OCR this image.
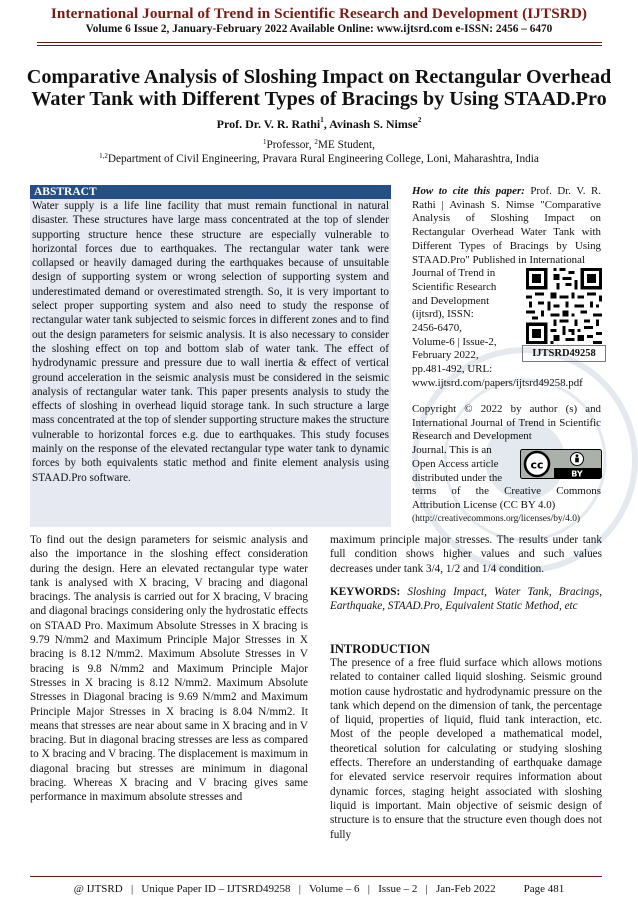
International Journal of Trend in Scientific Research and Development (IJTSRD)
Volume 6 Issue 2, January-February 2022 Available Online: www.ijtsrd.com e-ISSN: 2456 – 6470
Comparative Analysis of Sloshing Impact on Rectangular Overhead Water Tank with Different Types of Bracings by Using STAAD.Pro
Prof. Dr. V. R. Rathi$^1$, Avinash S. Nimse$^2$
$^1$Professor, $^2$ME Student,
$^{1,2}$Department of Civil Engineering, Pravara Rural Engineering College, Loni, Maharashtra, India
ABSTRACT
Water supply is a life line facility that must remain functional in natural disaster. These structures have large mass concentrated at the top of slender supporting structure hence these structure are especially vulnerable to horizontal forces due to earthquakes. The rectangular water tank were collapsed or heavily damaged during the earthquakes because of unsuitable design of supporting system or wrong selection of supporting system and underestimated demand or overestimated strength. So, it is very important to select proper supporting system and also need to study the response of rectangular water tank subjected to seismic forces in different zones and to find out the design parameters for seismic analysis. It is also necessary to consider the sloshing effect on top and bottom slab of water tank. The effect of hydrodynamic pressure and pressure due to wall inertia & effect of vertical ground acceleration in the seismic analysis must be considered in the seismic analysis of rectangular water tank. This paper presents analysis to study the effects of sloshing in overhead liquid storage tank. In such structure a large mass concentrated at the top of slender supporting structure makes the structure vulnerable to horizontal forces e.g. due to earthquakes. This study focuses mainly on the response of the elevated rectangular type water tank to dynamic forces by both equivalents static method and finite element analysis using STAAD.Pro software.
To find out the design parameters for seismic analysis and also the importance in the sloshing effect consideration during the design. Here an elevated rectangular type water tank is analysed with X bracing, V bracing and diagonal bracings. The analysis is carried out for X bracing, V bracing and diagonal bracings considering only the hydrostatic effects on STAAD Pro. Maximum Absolute Stresses in X bracing is 9.79 N/mm2 and Maximum Principle Major Stresses in X bracing is 8.12 N/mm2. Maximum Absolute Stresses in V bracing is 9.8 N/mm2 and Maximum Principle Major Stresses in X bracing is 8.12 N/mm2. Maximum Absolute Stresses in Diagonal bracing is 9.69 N/mm2 and Maximum Principle Major Stresses in X bracing is 8.04 N/mm2. It means that stresses are near about same in X bracing and in V bracing. But in diagonal bracing stresses are less as compared to X bracing and V bracing. The displacement is maximum in diagonal bracing but stresses are minimum in diagonal bracing. Whereas X bracing and V bracing gives same performance in maximum absolute stresses and
maximum principle major stresses. The results under tank full condition shows higher values and such values decreases under tank 3/4, 1/2 and 1/4 condition.
How to cite this paper: Prof. Dr. V. R. Rathi | Avinash S. Nimse "Comparative Analysis of Sloshing Impact on Rectangular Overhead Water Tank with Different Types of Bracings by Using STAAD.Pro" Published in International
Journal of Trend in
Scientific Research
and Development
(ijtsrd), ISSN:
2456-6470,
Volume-6 | Issue-2,
February 2022,
pp.481-492, URL:
www.ijtsrd.com/papers/ijtsrd49258.pdf
IJTSRD49258
Copyright © 2022 by author (s) and International Journal of Trend in Scientific Research and Development
Journal. This is an
Open Access article
distributed under the
terms of the Creative Commons Attribution License (CC BY 4.0)
(http://creativecommons.org/licenses/by/4.0)
cc
BY
KEYWORDS: Sloshing Impact, Water Tank, Bracings, Earthquake, STAAD.Pro, Equivalent Static Method, etc
INTRODUCTION
The presence of a free fluid surface which allows motions related to container called liquid sloshing. Seismic ground motion cause hydrostatic and hydrodynamic pressure on the tank which depend on the dimension of tank, the percentage of liquid, properties of liquid, fluid tank interaction, etc. Most of the people developed a mathematical model, theoretical solution for calculating or studying sloshing effects. Therefore an understanding of earthquake damage for elevated service reservoir requires information about dynamic forces, staging height associated with sloshing liquid is important. Main objective of seismic design of structure is to ensure that the structure even though does not fully
@ IJTSRD   |   Unique Paper ID – IJTSRD49258   |   Volume – 6   |   Issue – 2   |   Jan-Feb 2022	Page 481
